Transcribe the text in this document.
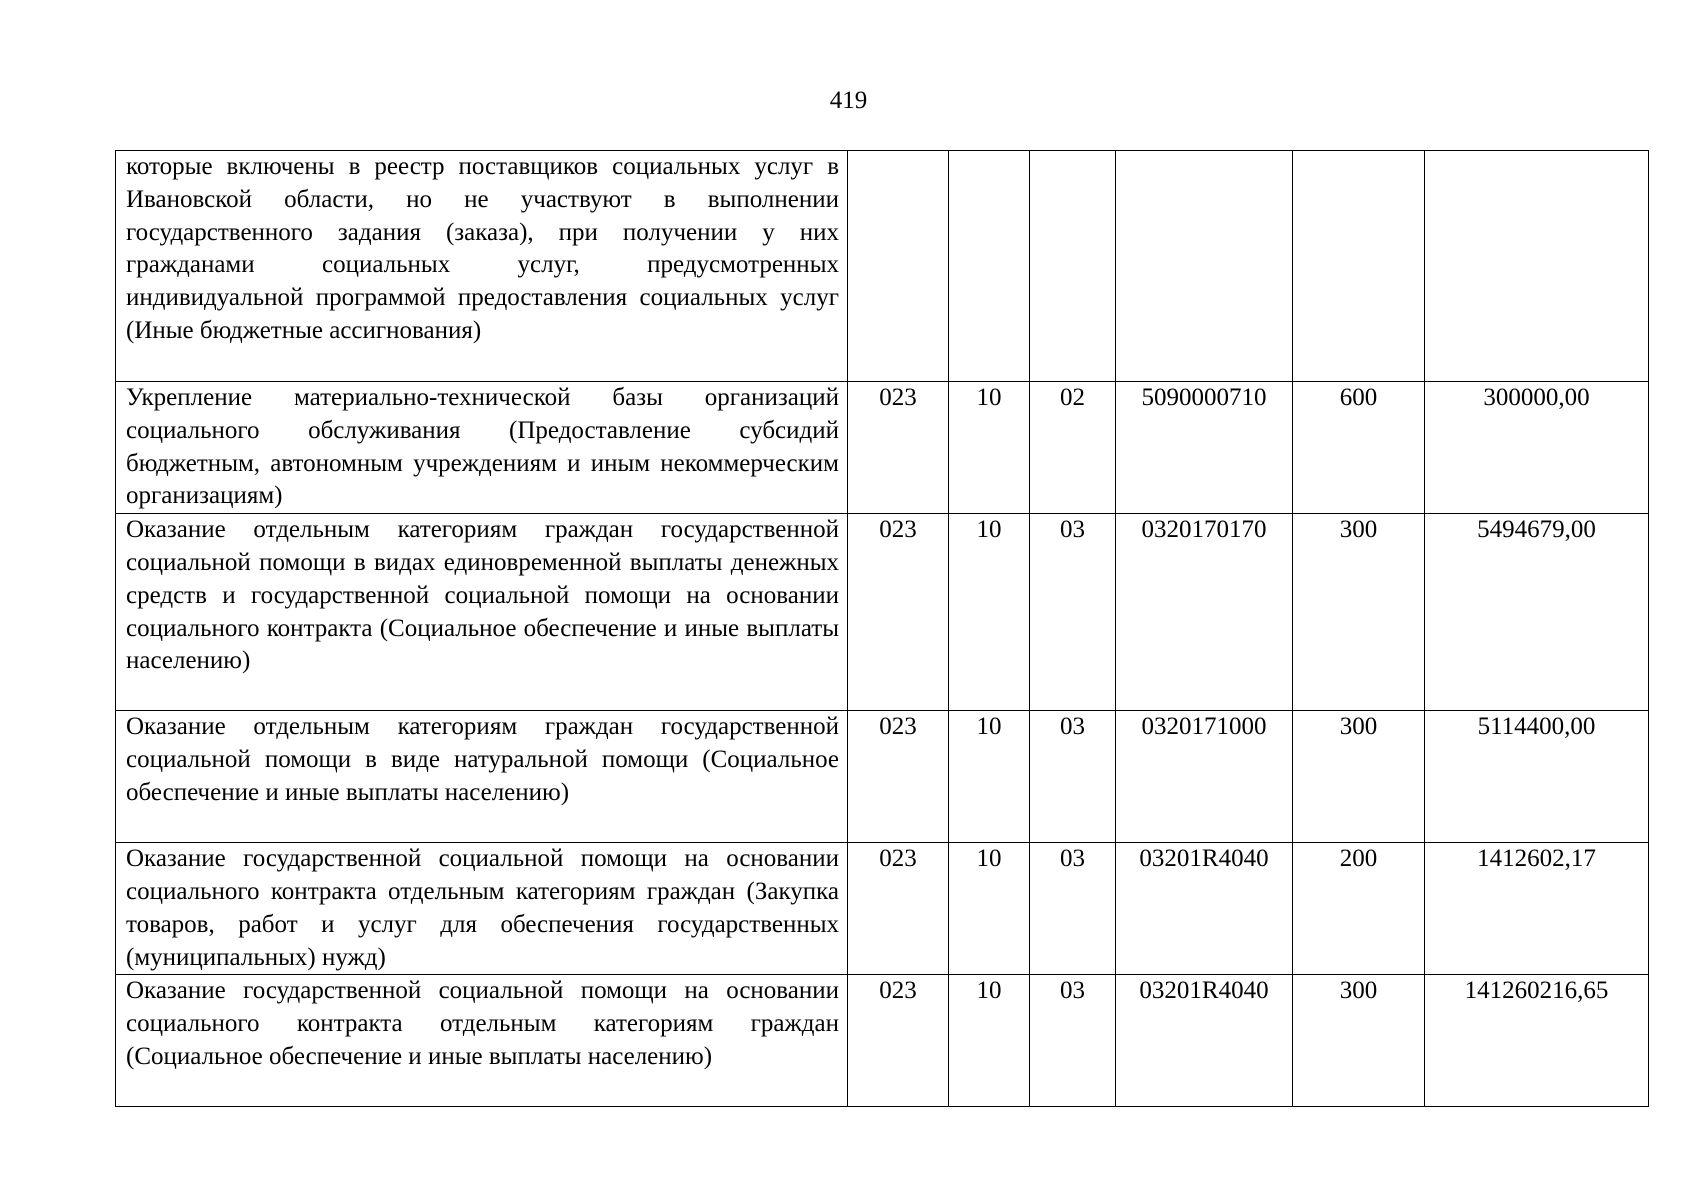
419
которые включены в реестр поставщиков социальных услуг в Ивановской области, но не участвуют в выполнении государственного задания (заказа), при получении у них гражданами социальных услуг, предусмотренных индивидуальной программой предоставления социальных услуг (Иные бюджетные ассигнования)						
Укрепление материально-технической базы организаций социального обслуживания (Предоставление субсидий бюджетным, автономным учреждениям и иным некоммерческим организациям)	023	10	02	5090000710	600	300000,00
Оказание отдельным категориям граждан государственной социальной помощи в видах единовременной выплаты денежных средств и государственной социальной помощи на основании социального контракта (Социальное обеспечение и иные выплаты населению)	023	10	03	0320170170	300	5494679,00
Оказание отдельным категориям граждан государственной социальной помощи в виде натуральной помощи (Социальное обеспечение и иные выплаты населению)	023	10	03	0320171000	300	5114400,00
Оказание государственной социальной помощи на основании социального контракта отдельным категориям граждан (Закупка товаров, работ и услуг для обеспечения государственных (муниципальных) нужд)	023	10	03	03201R4040	200	1412602,17
Оказание государственной социальной помощи на основании социального контракта отдельным категориям граждан (Социальное обеспечение и иные выплаты населению)	023	10	03	03201R4040	300	141260216,65
